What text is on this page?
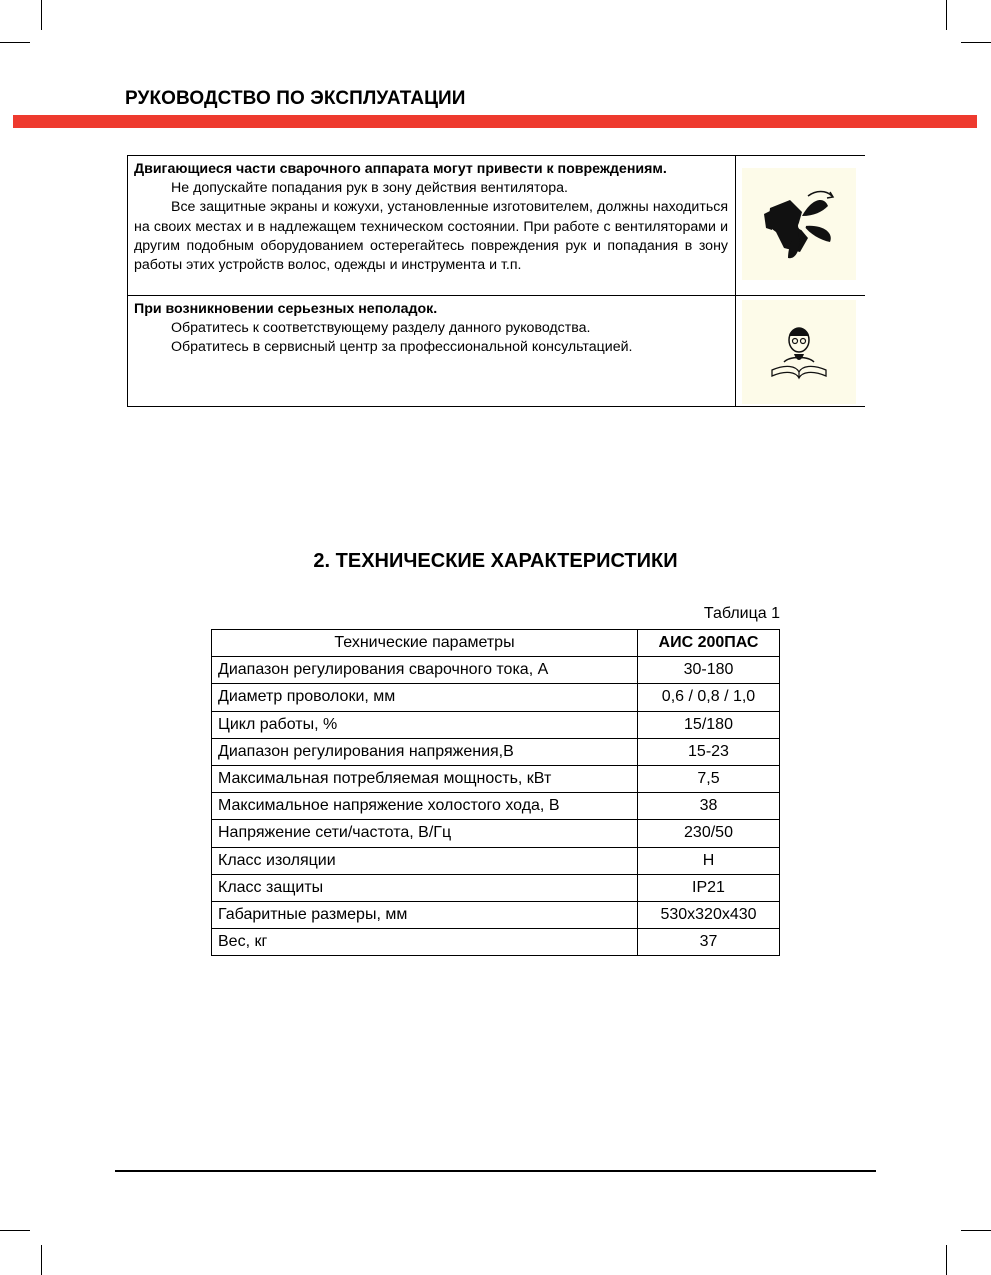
РУКОВОДСТВО ПО ЭКСПЛУАТАЦИИ
Двигающиеся части сварочного аппарата могут привести к повреждениям.

Не допускайте попадания рук в зону действия вентилятора.

Все защитные экраны и кожухи, установленные изготовителем, должны находиться на своих местах и в надлежащем техническом состоянии. При работе с вентиляторами и другим подобным оборудованием остерегайтесь повреждения рук и попадания в зону работы этих устройств волос, одежды и инструмента и т.п.

При возникновении серьезных неполадок.

Обратитесь к соответствующему разделу данного руководства.

Обратитесь в сервисный центр за профессиональной консультацией.

2. ТЕХНИЧЕСКИЕ ХАРАКТЕРИСТИКИ
Таблица 1
Технические параметры	АИС 200ПАС
Диапазон регулирования сварочного тока, А	30-180
Диаметр проволоки, мм	0,6 / 0,8 / 1,0
Цикл работы, %	15/180
Диапазон регулирования напряжения,В	15-23
Максимальная потребляемая мощность, кВт	7,5
Максимальное напряжение холостого хода, В	38
Напряжение сети/частота, В/Гц	230/50
Класс изоляции	H
Класс защиты	IP21
Габаритные размеры, мм	530x320x430
Вес, кг	37
